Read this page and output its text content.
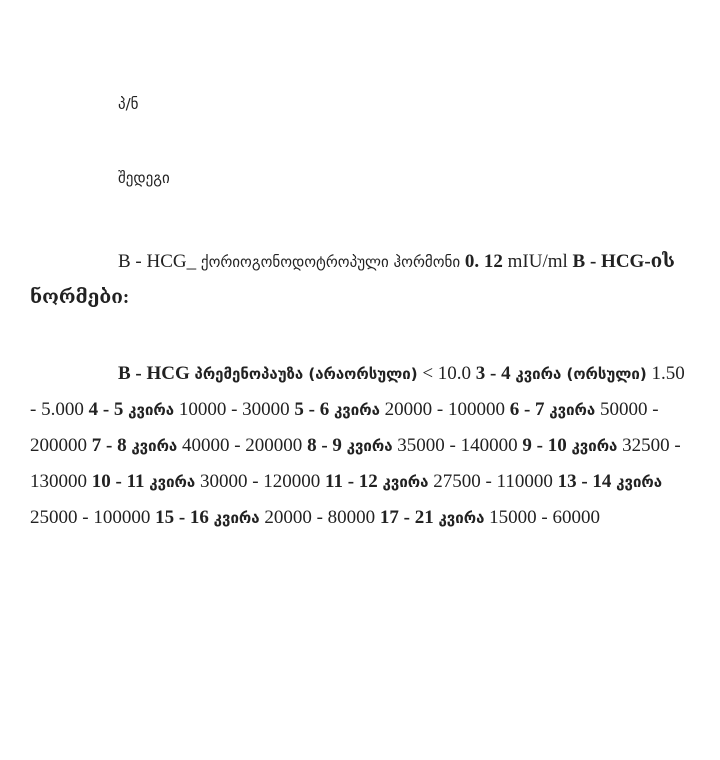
პ/ნ

შედეგი

B - HCG_ ქორიოგონოდოტროპული ჰორმონი 0. 12 mIU/ml B - HCG-ის ნორმები:

B - HCG პრემენოპაუზა (არაორსული) < 10.0 3 - 4 კვირა (ორსული) 1.50 - 5.000 4 - 5 კვირა 10000 - 30000 5 - 6 კვირა 20000 - 100000 6 - 7 კვირა 50000 - 200000 7 - 8 კვირა 40000 - 200000 8 - 9 კვირა 35000 - 140000 9 - 10 კვირა 32500 - 130000 10 - 11 კვირა 30000 - 120000 11 - 12 კვირა 27500 - 110000 13 - 14 კვირა 25000 - 100000 15 - 16 კვირა 20000 - 80000 17 - 21 კვირა 15000 - 60000
